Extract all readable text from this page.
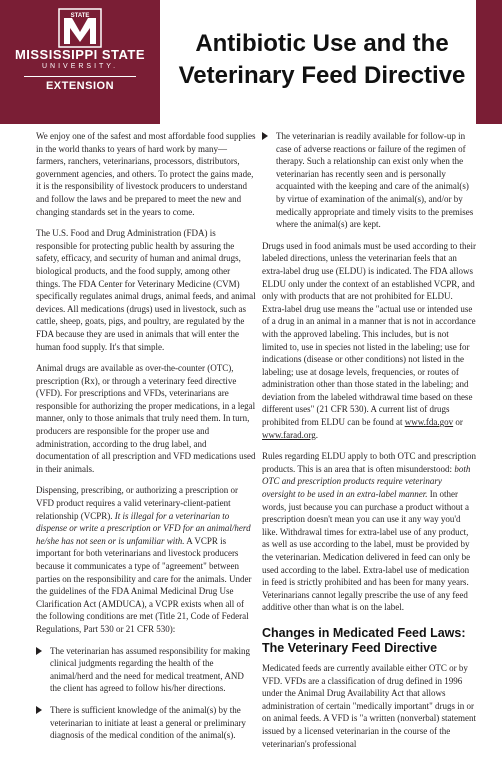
STATE
MISSISSIPPI STATE
UNIVERSITY.
EXTENSION
Antibiotic Use and the
Veterinary Feed Directive

We enjoy one of the safest and most affordable food supplies in the world thanks to years of hard work by many—farmers, ranchers, veterinarians, processors, distributors, government agencies, and others. To protect the gains made, it is the responsibility of livestock producers to understand and follow the laws and be prepared to meet the new and changing standards set in the years to come.

The U.S. Food and Drug Administration (FDA) is responsible for protecting public health by assuring the safety, efficacy, and security of human and animal drugs, biological products, and the food supply, among other things. The FDA Center for Veterinary Medicine (CVM) specifically regulates animal drugs, animal feeds, and animal devices. All medications (drugs) used in livestock, such as cattle, sheep, goats, pigs, and poultry, are regulated by the FDA because they are used in animals that will enter the human food supply. It's that simple.

Animal drugs are available as over-the-counter (OTC), prescription (Rx), or through a veterinary feed directive (VFD). For prescriptions and VFDs, veterinarians are responsible for authorizing the proper medications, in a legal manner, only to those animals that truly need them. In turn, producers are responsible for the proper use and administration, according to the drug label, and documentation of all prescription and VFD medications used in their animals.

Dispensing, prescribing, or authorizing a prescription or VFD product requires a valid veterinary-client-patient relationship (VCPR). It is illegal for a veterinarian to dispense or write a prescription or VFD for an animal/herd he/she has not seen or is unfamiliar with. A VCPR is important for both veterinarians and livestock producers because it communicates a type of "agreement" between parties on the responsibility and care for the animals. Under the guidelines of the FDA Animal Medicinal Drug Use Clarification Act (AMDUCA), a VCPR exists when all of the following conditions are met (Title 21, Code of Federal Regulations, Part 530 or 21 CFR 530):

The veterinarian has assumed responsibility for making clinical judgments regarding the health of the animal/herd and the need for medical treatment, AND the client has agreed to follow his/her directions.
There is sufficient knowledge of the animal(s) by the veterinarian to initiate at least a general or preliminary diagnosis of the medical condition of the animal(s).
The veterinarian is readily available for follow-up in case of adverse reactions or failure of the regimen of therapy. Such a relationship can exist only when the veterinarian has recently seen and is personally acquainted with the keeping and care of the animal(s) by virtue of examination of the animal(s), and/or by medically appropriate and timely visits to the premises where the animal(s) are kept.

Drugs used in food animals must be used according to their labeled directions, unless the veterinarian feels that an extra-label drug use (ELDU) is indicated. The FDA allows ELDU only under the context of an established VCPR, and only with products that are not prohibited for ELDU. Extra-label drug use means the "actual use or intended use of a drug in an animal in a manner that is not in accordance with the approved labeling. This includes, but is not limited to, use in species not listed in the labeling; use for indications (disease or other conditions) not listed in the labeling; use at dosage levels, frequencies, or routes of administration other than those stated in the labeling; and deviation from the labeled withdrawal time based on these different uses" (21 CFR 530). A current list of drugs prohibited from ELDU can be found at www.fda.gov or www.farad.org.

Rules regarding ELDU apply to both OTC and prescription products. This is an area that is often misunderstood: both OTC and prescription products require veterinary oversight to be used in an extra-label manner. In other words, just because you can purchase a product without a prescription doesn't mean you can use it any way you'd like. Withdrawal times for extra-label use of any product, as well as use according to the label, must be provided by the veterinarian. Medication delivered in feed can only be used according to the label. Extra-label use of medication in feed is strictly prohibited and has been for many years. Veterinarians cannot legally prescribe the use of any feed additive other than what is on the label.

Changes in Medicated Feed Laws:
The Veterinary Feed Directive

Medicated feeds are currently available either OTC or by VFD. VFDs are a classification of drug defined in 1996 under the Animal Drug Availability Act that allows administration of certain "medically important" drugs in or on animal feeds. A VFD is "a written (nonverbal) statement issued by a licensed veterinarian in the course of the veterinarian's professional
